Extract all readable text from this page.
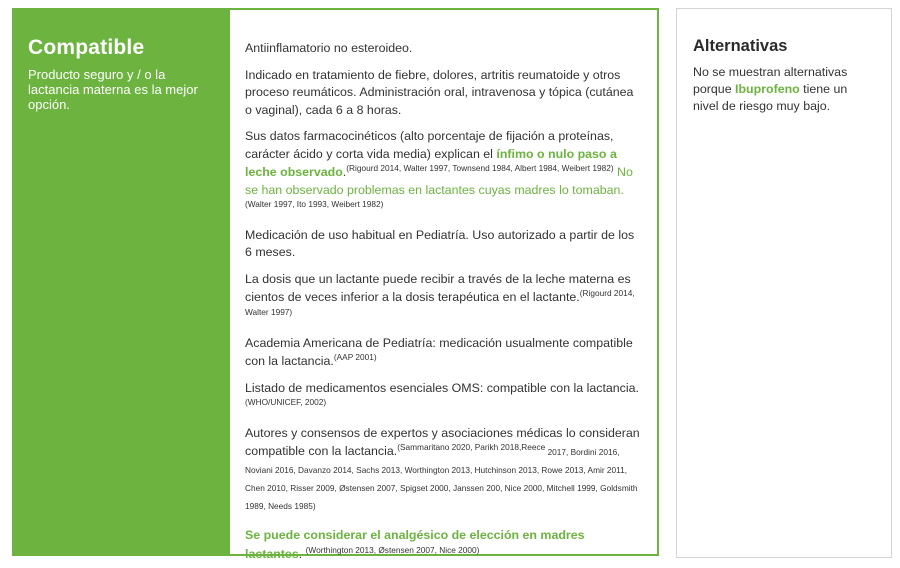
Compatible
Producto seguro y / o la lactancia materna es la mejor opción.

Antiinflamatorio no esteroideo.

Indicado en tratamiento de fiebre, dolores, artritis reumatoide y otros proceso reumáticos. Administración oral, intravenosa y tópica (cutánea o vaginal), cada 6 a 8 horas.

Sus datos farmacocinéticos (alto porcentaje de fijación a proteínas, carácter ácido y corta vida media) explican el ínfimo o nulo paso a leche observado.$^{(Rigourd 2014, Walter 1997, Townsend 1984, Albert 1984, Weibert 1982)}$ No se han observado problemas en lactantes cuyas madres lo tomaban.$^{(Walter 1997, Ito 1993, Weibert 1982)}$

Medicación de uso habitual en Pediatría. Uso autorizado a partir de los 6 meses.

La dosis que un lactante puede recibir a través de la leche materna es cientos de veces inferior a la dosis terapéutica en el lactante.$^{(Rigourd 2014, Walter 1997)}$

Academia Americana de Pediatría: medicación usualmente compatible con la lactancia.$^{(AAP 2001)}$

Listado de medicamentos esenciales OMS: compatible con la lactancia. $^{(WHO/UNICEF, 2002)}$

Autores y consensos de expertos y asociaciones médicas lo consideran compatible con la lactancia.$^{(Sammaritano 2020, Parikh 2018,Reece}$ 2017, Bordini 2016, Noviani 2016, Davanzo 2014, Sachs 2013, Worthington 2013, Hutchinson 2013, Rowe 2013, Amir 2011, Chen 2010, Risser 2009, Østensen 2007, Spigset 2000, Janssen 200, Nice 2000, Mitchell 1999, Goldsmith 1989, Needs 1985)

Se puede considerar el analgésico de elección en madres lactantes. $^{(Worthington 2013, Østensen 2007, Nice 2000)}$

Alternativas
No se muestran alternativas porque Ibuprofeno tiene un nivel de riesgo muy bajo.
